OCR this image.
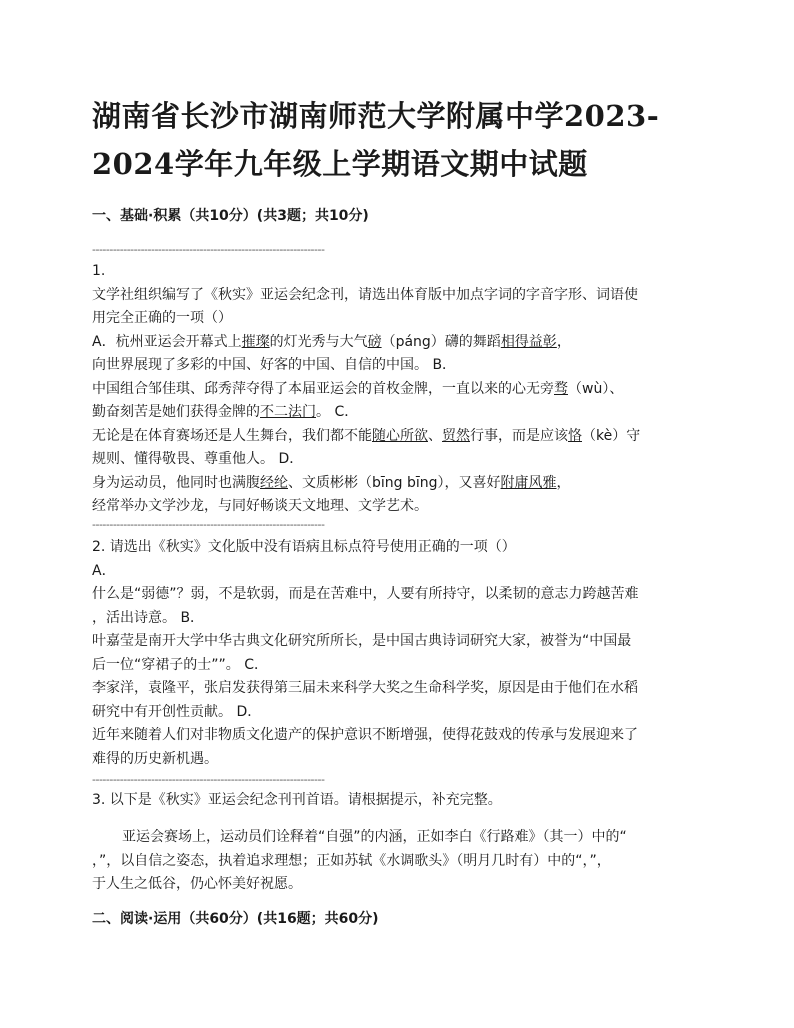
湖南省长沙市湖南师范大学附属中学2023-
2024学年九年级上学期语文期中试题
一、基础·积累（共10分）(共3题；共10分)
-------------------------------------------------------------------
1.
文学社组织编写了《秋实》亚运会纪念刊，请选出体育版中加点字词的字音字形、词语使
用完全正确的一项（）
A．杭州亚运会开幕式上摧璨的灯光秀与大气磅（páng）礴的舞蹈相得益彰，
向世界展现了多彩的中国、好客的中国、自信的中国。 B．
中国组合邹佳琪、邱秀萍夺得了本届亚运会的首枚金牌，一直以来的心无旁骛（wù）、
勤奋刻苦是她们获得金牌的不二法门。 C．
无论是在体育赛场还是人生舞台，我们都不能随心所欲、贸然行事，而是应该恪（kè）守
规则、懂得敬畏、尊重他人。 D．
身为运动员，他同时也满腹经纶、文质彬彬（bīng bīng），又喜好附庸风雅，
经常举办文学沙龙，与同好畅谈天文地理、文学艺术。
-------------------------------------------------------------------
2. 请选出《秋实》文化版中没有语病且标点符号使用正确的一项（）
A．
什么是“弱德”？弱，不是软弱，而是在苦难中，人要有所持守，以柔韧的意志力跨越苦难
，活出诗意。 B．
叶嘉莹是南开大学中华古典文化研究所所长，是中国古典诗词研究大家，被誉为“中国最
后一位“穿裙子的士””。 C．
李家洋，袁隆平，张启发获得第三届未来科学大奖之生命科学奖，原因是由于他们在水稻
研究中有开创性贡献。 D．
近年来随着人们对非物质文化遗产的保护意识不断增强，使得花鼓戏的传承与发展迎来了
难得的历史新机遇。
-------------------------------------------------------------------
3. 以下是《秋实》亚运会纪念刊刊首语。请根据提示，补充完整。
亚运会赛场上，运动员们诠释着“自强”的内涵，正如李白《行路难》（其一）中的“
，”，以自信之姿态，执着追求理想；正如苏轼《水调歌头》（明月几时有）中的“，”，
于人生之低谷，仍心怀美好祝愿。
二、阅读·运用（共60分）(共16题；共60分)
